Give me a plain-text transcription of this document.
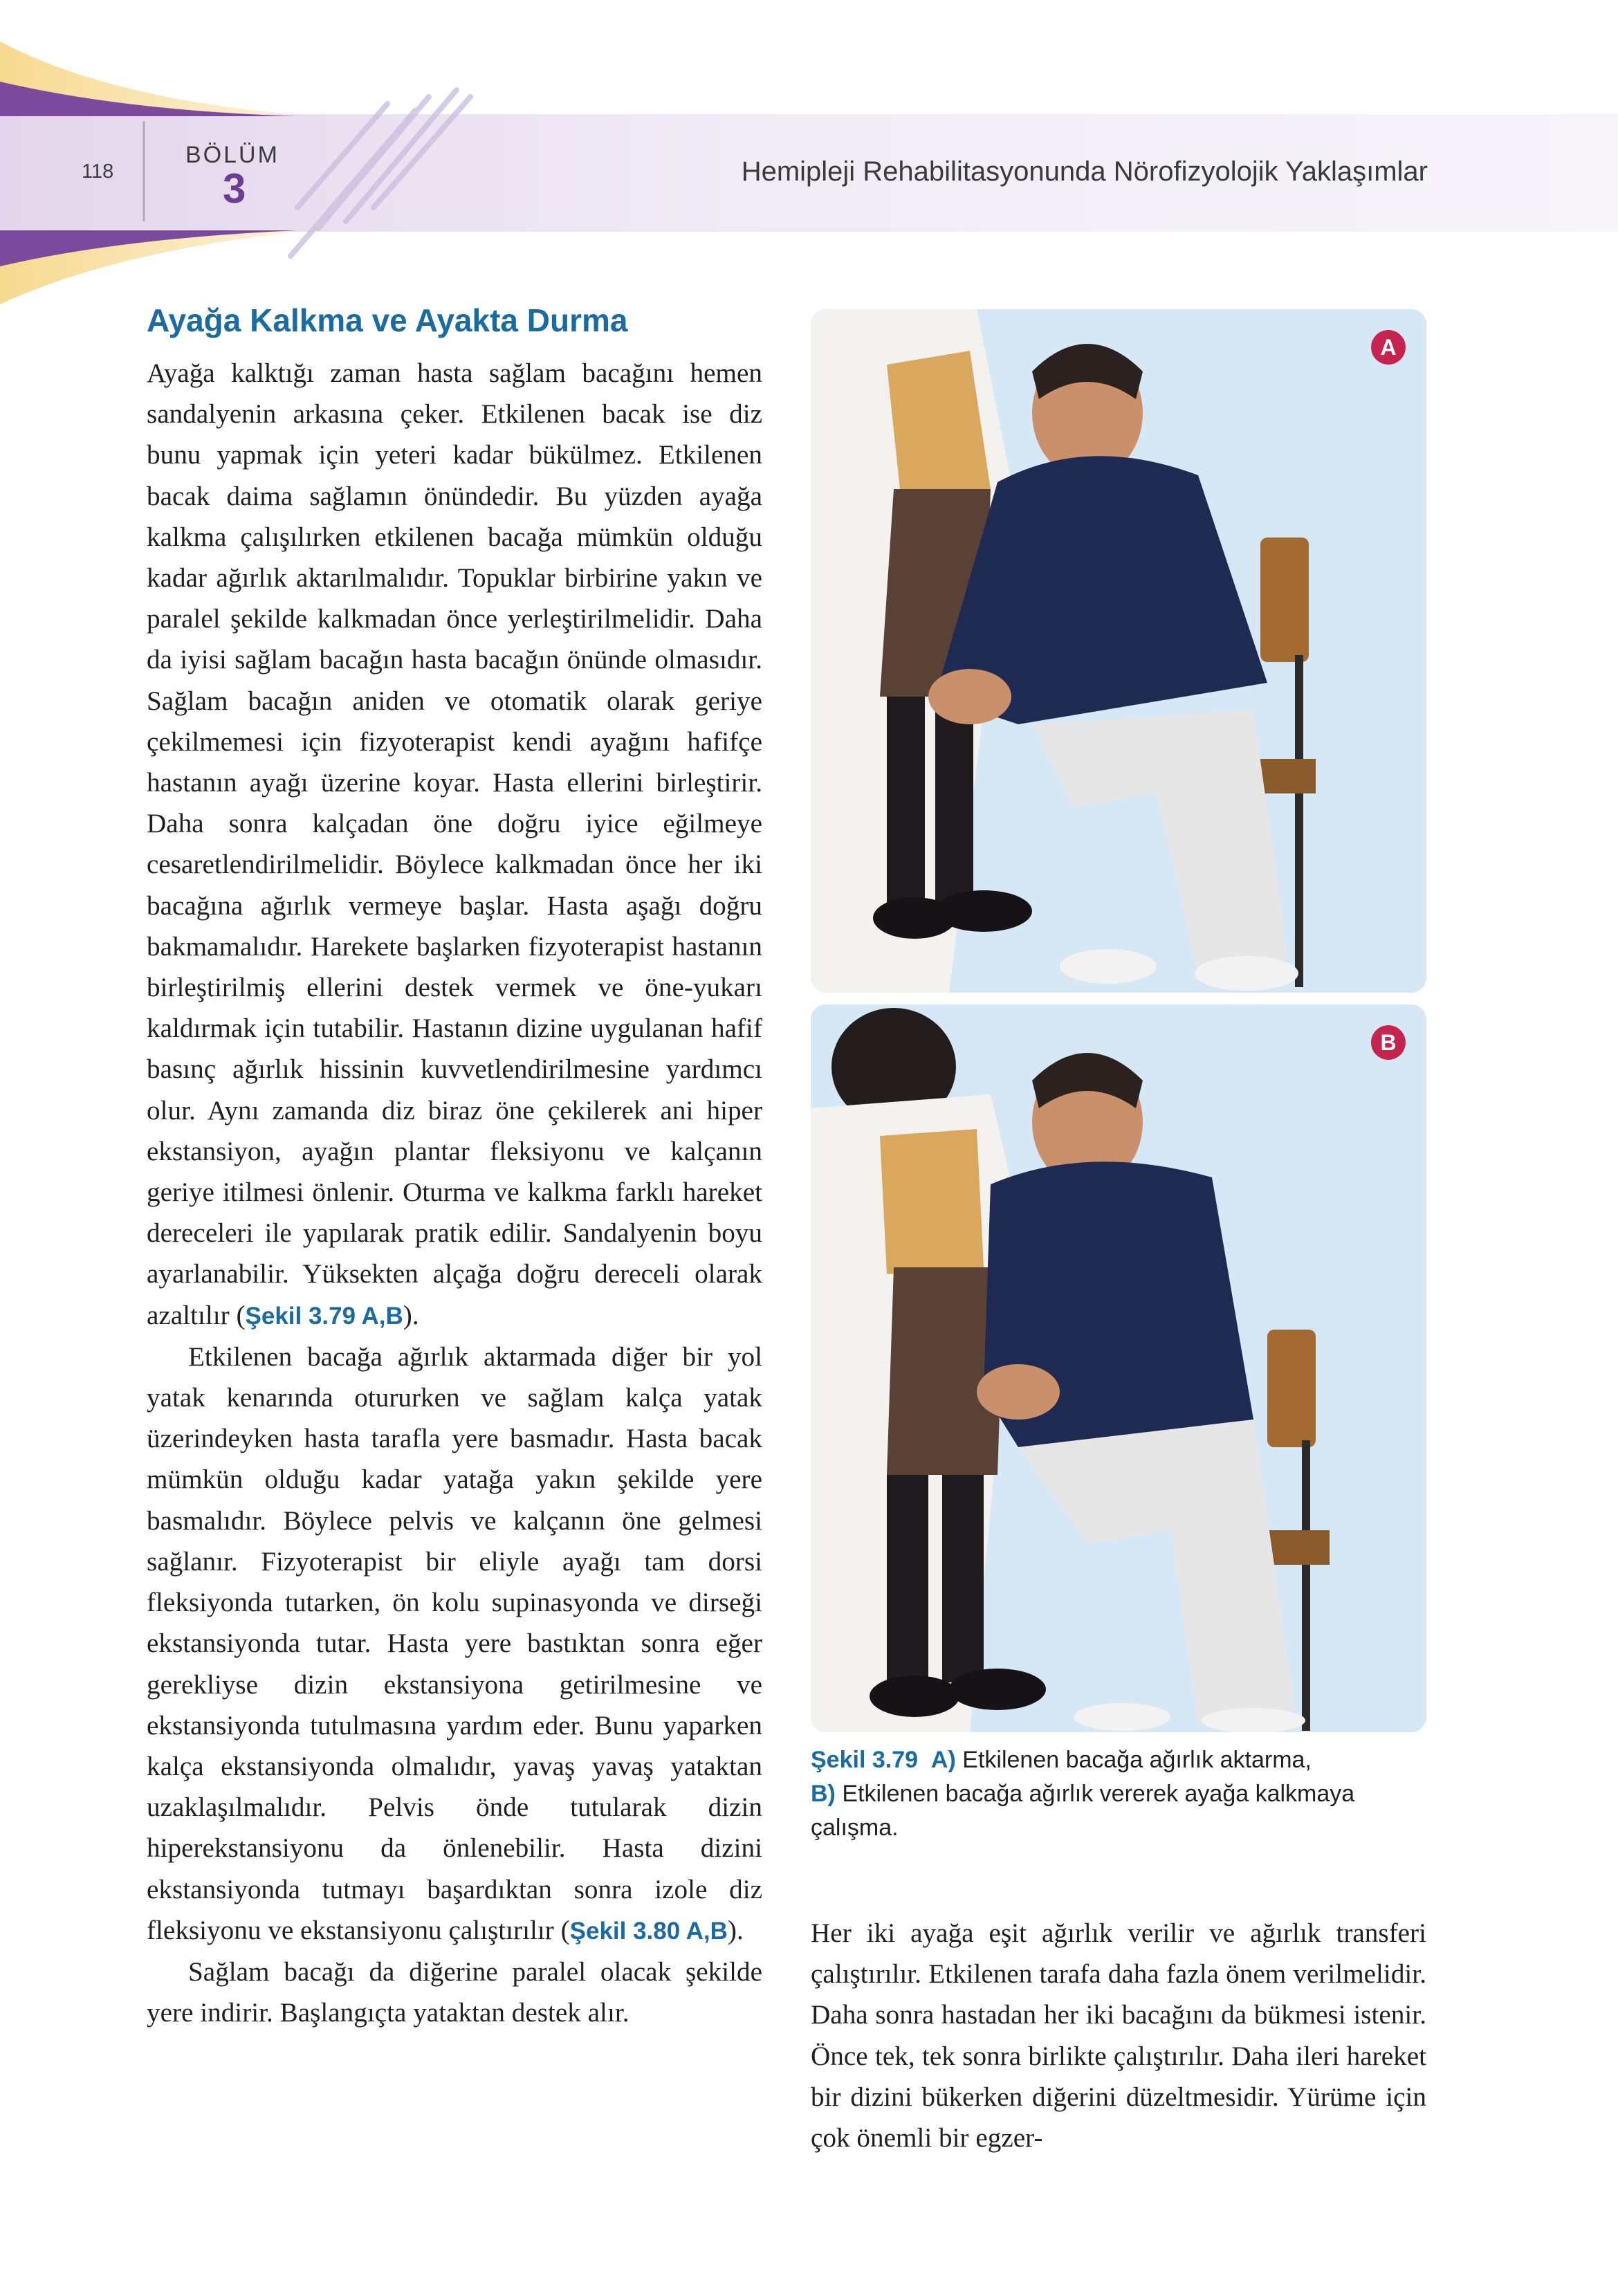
118
BÖLÜM
3	Hemipleji Rehabilitasyonunda Nörofizyolojik Yaklaşımlar
Ayağa Kalkma ve Ayakta Durma

Ayağa kalktığı zaman hasta sağlam bacağını hemen sandalyenin arkasına çeker. Etkilenen bacak ise diz bunu yapmak için yeteri kadar bükülmez. Etkilenen bacak daima sağlamın önündedir. Bu yüzden ayağa kalkma çalışılırken etkilenen bacağa mümkün olduğu kadar ağırlık aktarılmalıdır. Topuklar birbirine yakın ve paralel şekilde kalkmadan önce yerleştirilmelidir. Daha da iyisi sağlam bacağın hasta bacağın önünde olmasıdır. Sağlam bacağın aniden ve otomatik olarak geriye çekilmemesi için fizyoterapist kendi ayağını hafifçe hastanın ayağı üzerine koyar. Hasta ellerini birleştirir. Daha sonra kalçadan öne doğru iyice eğilmeye cesaretlendirilmelidir. Böylece kalkmadan önce her iki bacağına ağırlık vermeye başlar. Hasta aşağı doğru bakmamalıdır. Harekete başlarken fizyoterapist hastanın birleştirilmiş ellerini destek vermek ve öne-yukarı kaldırmak için tutabilir. Hastanın dizine uygulanan hafif basınç ağırlık hissinin kuvvetlendirilmesine yardımcı olur. Aynı zamanda diz biraz öne çekilerek ani hiper ekstansiyon, ayağın plantar fleksiyonu ve kalçanın geriye itilmesi önlenir. Oturma ve kalkma farklı hareket dereceleri ile yapılarak pratik edilir. Sandalyenin boyu ayarlanabilir. Yüksekten alçağa doğru dereceli olarak azaltılır (Şekil 3.79 A,B).

Etkilenen bacağa ağırlık aktarmada diğer bir yol yatak kenarında otururken ve sağlam kalça yatak üzerindeyken hasta tarafla yere basmadır. Hasta bacak mümkün olduğu kadar yatağa yakın şekilde yere basmalıdır. Böylece pelvis ve kalçanın öne gelmesi sağlanır. Fizyoterapist bir eliyle ayağı tam dorsi fleksiyonda tutarken, ön kolu supinasyonda ve dirseği ekstansiyonda tutar. Hasta yere bastıktan sonra eğer gerekliyse dizin ekstansiyona getirilmesine ve ekstansiyonda tutulmasına yardım eder. Bunu yaparken kalça ekstansiyonda olmalıdır, yavaş yavaş yataktan uzaklaşılmalıdır. Pelvis önde tutularak dizin hiperekstansiyonu da önlenebilir. Hasta dizini ekstansiyonda tutmayı başardıktan sonra izole diz fleksiyonu ve ekstansiyonu çalıştırılır (Şekil 3.80 A,B).

Sağlam bacağı da diğerine paralel olacak şekilde yere indirir. Başlangıçta yataktan destek alır.

A
B
Şekil 3.79 A) Etkilenen bacağa ağırlık aktarma,
B) Etkilenen bacağa ağırlık vererek ayağa kalkmaya çalışma.

Her iki ayağa eşit ağırlık verilir ve ağırlık transferi çalıştırılır. Etkilenen tarafa daha fazla önem verilmelidir. Daha sonra hastadan her iki bacağını da bükmesi istenir. Önce tek, tek sonra birlikte çalıştırılır. Daha ileri hareket bir dizini bükerken diğerini düzeltmesidir. Yürüme için çok önemli bir egzer-
